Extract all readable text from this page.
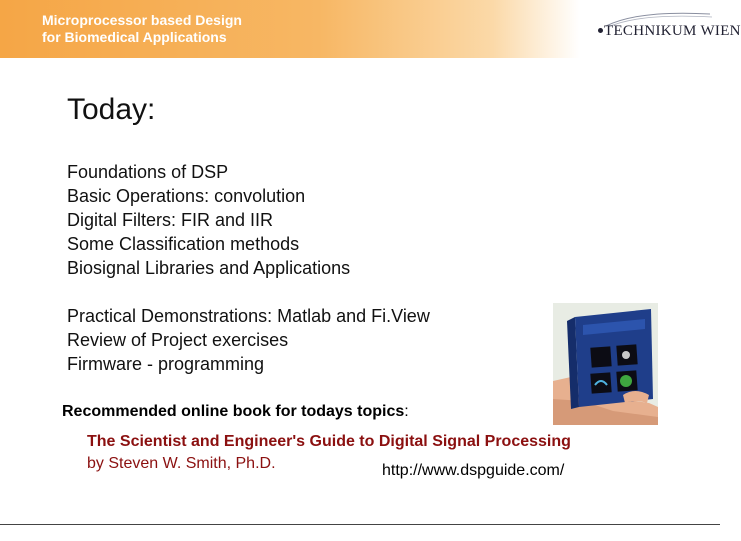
Microprocessor based Design
for Biomedical Applications	TECHNIKUM WIEN
Today:
Foundations of DSP
Basic Operations: convolution
Digital Filters: FIR and IIR
Some Classification methods
Biosignal Libraries and Applications
Practical Demonstrations: Matlab and Fi.View
Review of Project exercises
Firmware - programming
Recommended online book for todays topics:
The Scientist and Engineer's Guide to Digital Signal Processing
by Steven W. Smith, Ph.D.	http://www.dspguide.com/
